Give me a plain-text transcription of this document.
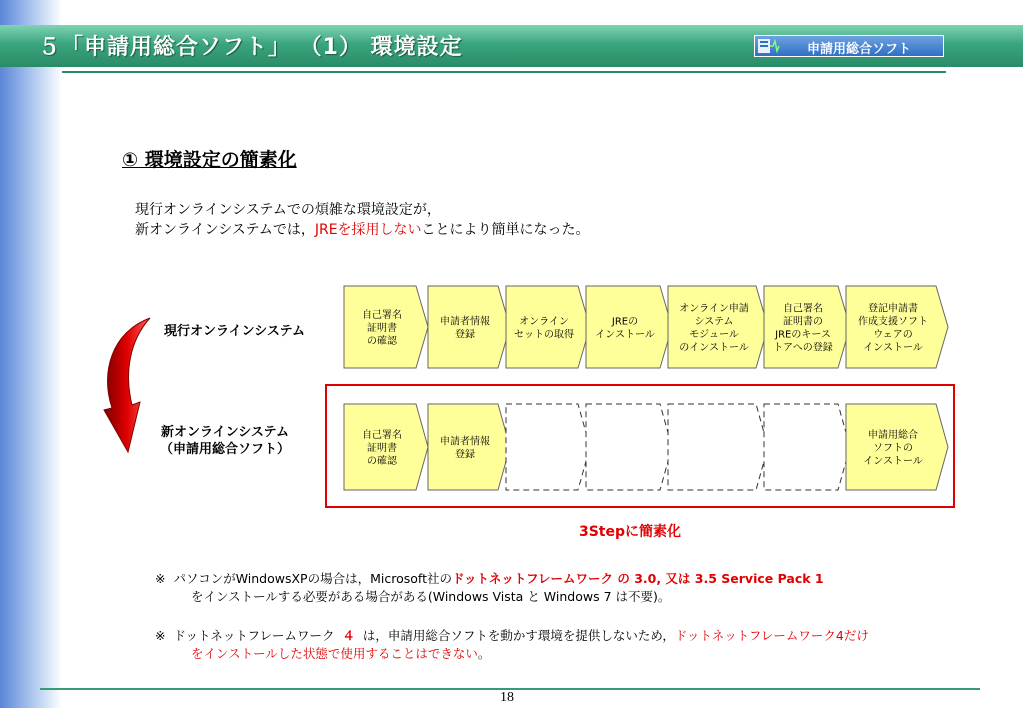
５「申請用総合ソフト」 （1） 環境設定	申請用総合ソフト
① 環境設定の簡素化
現行オンラインシステムでの煩雑な環境設定が，
新オンラインシステムでは，JREを採用しないことにより簡単になった。
現行オンラインシステム
新オンラインシステム
（申請用総合ソフト）
自己署名
証明書
の確認
申請者情報
登録
オンライン
セットの取得
JREの
インストール
オンライン申請
システム
モジュール
のインストール
自己署名
証明書の
JREのキース
トアへの登録
登記申請書
作成支援ソフト
ウェアの
インストール
自己署名
証明書
の確認
申請者情報
登録
申請用総合
ソフトの
インストール
3Stepに簡素化
※ パソコンがWindowsXPの場合は，Microsoft社のドットネットフレームワーク の 3.0, 又は 3.5 Service Pack 1
をインストールする必要がある場合がある(Windows Vista と Windows 7 は不要)。
※ ドットネットフレームワーク ４ は，申請用総合ソフトを動かす環境を提供しないため，ドットネットフレームワーク4だけ
をインストールした状態で使用することはできない。
18
